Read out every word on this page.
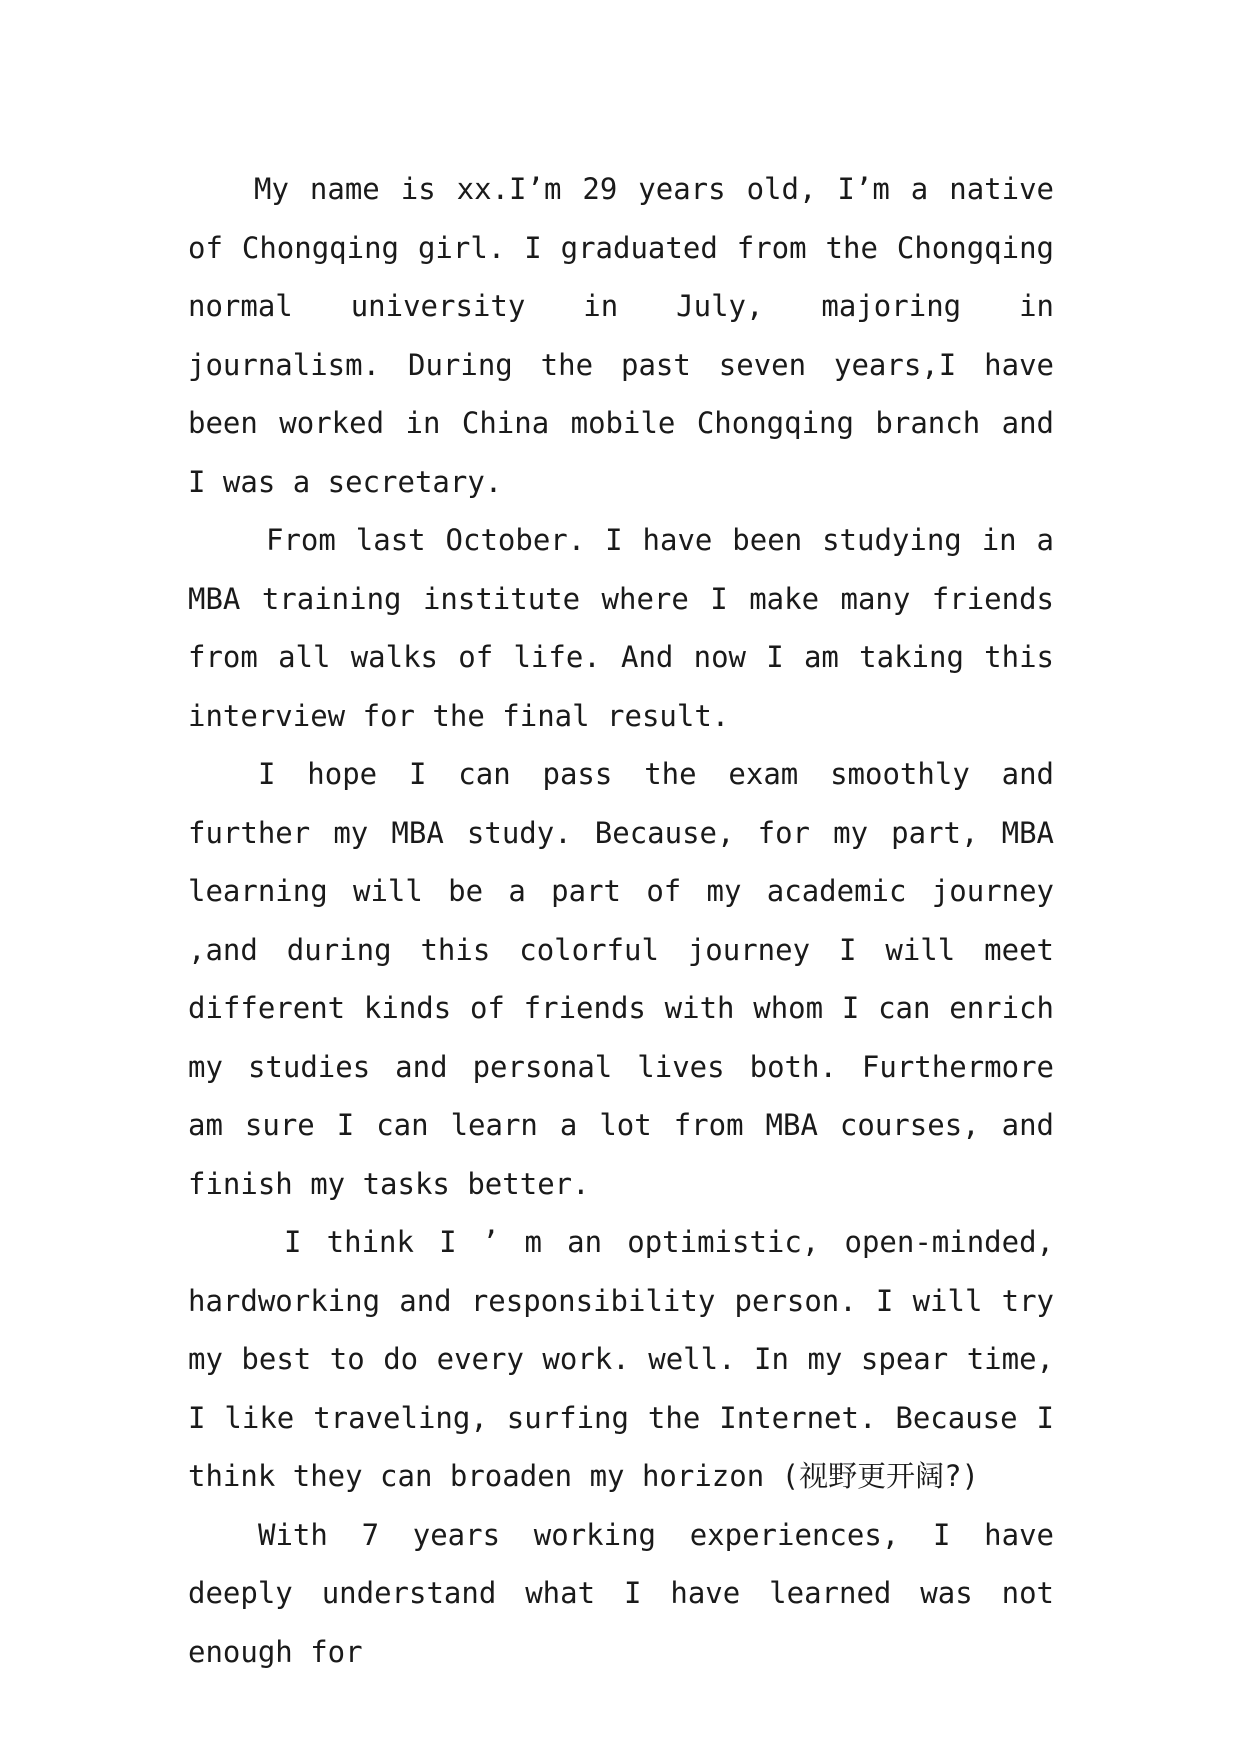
My name is xx.I’m 29 years old, I’m a native of Chongqing girl. I graduated from the Chongqing normal university in July, majoring in journalism. During the past seven years,I have been worked in China mobile Chongqing branch and I was a secretary.

From last October. I have been studying in a MBA training institute where I make many friends from all walks of life. And now I am taking this interview for the final result.

I hope I can pass the exam smoothly and further my MBA study. Because, for my part, MBA learning will be a part of my academic journey ,and during this colorful journey I will meet different kinds of friends with whom I can enrich my studies and personal lives both. Furthermore am sure I can learn a lot from MBA courses, and finish my tasks better.

I think I ’ m an optimistic, open-minded, hardworking and responsibility person. I will try my best to do every work. well. In my spear time, I like traveling, surfing the Internet. Because I think they can broaden my horizon (视野更开阔?)

With 7 years working experiences, I have deeply understand what I have learned was not enough for
